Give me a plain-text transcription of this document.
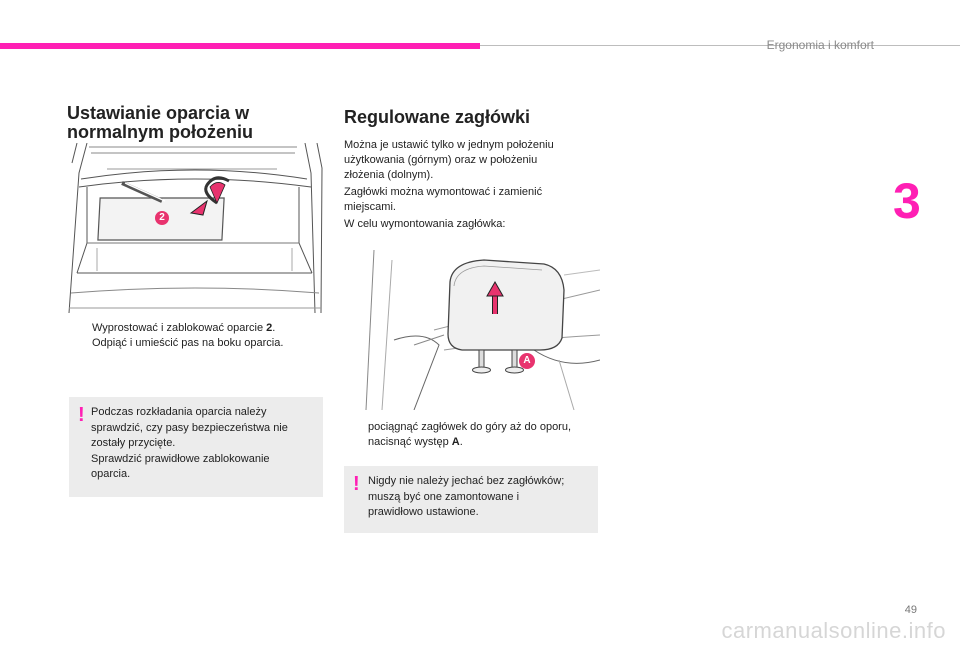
Ergonomia i komfort
3
Ustawianie oparcia w
normalnym położeniu
2
Wyprostować i zablokować oparcie 2.
Odpiąć i umieścić pas na boku oparcia.
! Podczas rozkładania oparcia należy
sprawdzić, czy pasy bezpieczeństwa nie
zostały przycięte.
Sprawdzić prawidłowe zablokowanie
oparcia.
Regulowane zagłówki
Można je ustawić tylko w jednym położeniu
użytkowania (górnym) oraz w położeniu
złożenia (dolnym).
Zagłówki można wymontować i zamienić
miejscami.
W celu wymontowania zagłówka:
A
pociągnąć zagłówek do góry aż do oporu,
nacisnąć występ A.
! Nigdy nie należy jechać bez zagłówków;
muszą być one zamontowane i
prawidłowo ustawione.
49
carmanualsonline.info
